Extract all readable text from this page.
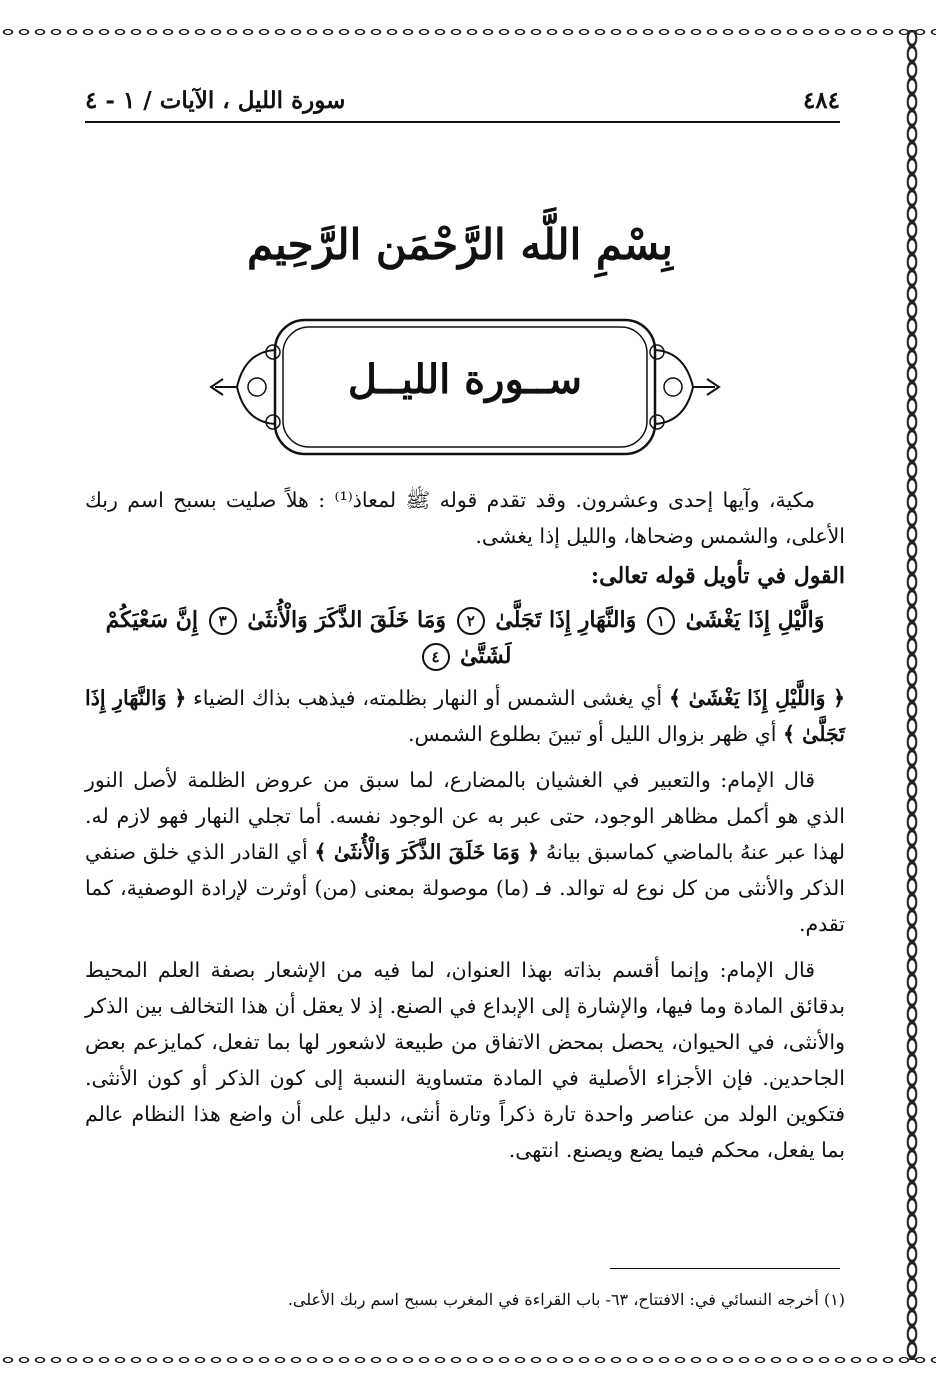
٤٨٤
سورة الليل ، الآيات / ١ - ٤
بِسْمِ اللَّه الرَّحْمَن الرَّحِيم
ســورة الليــل

مكية، وآيها إحدى وعشرون. وقد تقدم قوله ﷺ لمعاذ⁽¹⁾ : هلاً صليت بسبح اسم ربك الأعلى، والشمس وضحاها، والليل إذا يغشى.

القول في تأويل قوله تعالى:

وَالَّيْلِ إِذَا يَغْشَىٰ ١ وَالنَّهَارِ إِذَا تَجَلَّىٰ ٢ وَمَا خَلَقَ الذَّكَرَ وَالْأُنثَىٰ ٣ إِنَّ سَعْيَكُمْ لَشَتَّىٰ ٤

﴿ وَاللَّيْلِ إِذَا يَغْشَىٰ ﴾ أي يغشى الشمس أو النهار بظلمته، فيذهب بذاك الضياء ﴿ وَالنَّهَارِ إِذَا تَجَلَّىٰ ﴾ أي ظهر بزوال الليل أو تبينَ بطلوع الشمس.

قال الإمام: والتعبير في الغشيان بالمضارع، لما سبق من عروض الظلمة لأصل النور الذي هو أكمل مظاهر الوجود، حتى عبر به عن الوجود نفسه. أما تجلي النهار فهو لازم له. لهذا عبر عنهُ بالماضي كماسبق بيانهُ ﴿ وَمَا خَلَقَ الذَّكَرَ وَالْأُنثَىٰ ﴾ أي القادر الذي خلق صنفي الذكر والأنثى من كل نوع له توالد. فـ (ما) موصولة بمعنى (من) أوثرت لإرادة الوصفية، كما تقدم.

قال الإمام: وإنما أقسم بذاته بهذا العنوان، لما فيه من الإشعار بصفة العلم المحيط بدقائق المادة وما فيها، والإشارة إلى الإبداع في الصنع. إذ لا يعقل أن هذا التخالف بين الذكر والأنثى، في الحيوان، يحصل بمحض الاتفاق من طبيعة لاشعور لها بما تفعل، كمايزعم بعض الجاحدين. فإن الأجزاء الأصلية في المادة متساوية النسبة إلى كون الذكر أو كون الأنثى. فتكوين الولد من عناصر واحدة تارة ذكراً وتارة أنثى، دليل على أن واضع هذا النظام عالم بما يفعل، محكم فيما يضع ويصنع. انتهى.

(١) أخرجه النسائي في: الافتتاح، ٦٣- باب القراءة في المغرب بسبح اسم ربك الأعلى.
